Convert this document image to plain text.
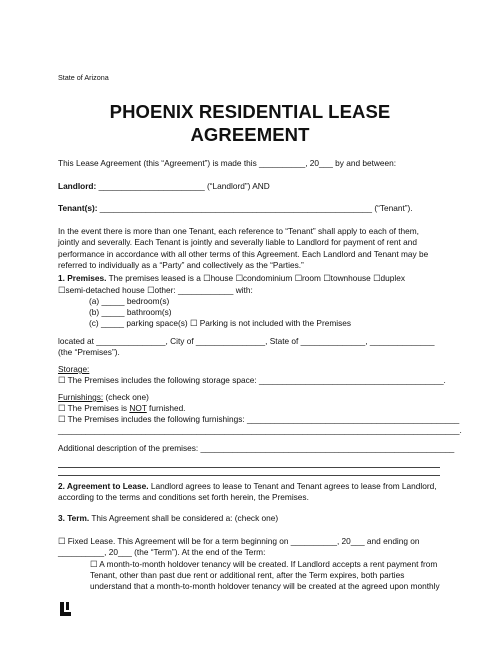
State of Arizona
PHOENIX RESIDENTIAL LEASE
AGREEMENT
This Lease Agreement (this “Agreement”) is made this __________, 20___ by and between:
Landlord: _______________________ (“Landlord”) AND
Tenant(s): ___________________________________________________________ (“Tenant”).
In the event there is more than one Tenant, each reference to “Tenant” shall apply to each of them, jointly and severally. Each Tenant is jointly and severally liable to Landlord for payment of rent and performance in accordance with all other terms of this Agreement. Each Landlord and Tenant may be referred to individually as a “Party” and collectively as the “Parties.”
1. Premises. The premises leased is a ☐house ☐condominium ☐room ☐townhouse ☐duplex
☐semi-detached house ☐other: ____________ with:
(a) _____ bedroom(s)
(b) _____ bathroom(s)
(c) _____ parking space(s) ☐ Parking is not included with the Premises
located at _______________, City of _______________, State of ______________, ______________
(the “Premises”).
Storage:
☐ The Premises includes the following storage space: ________________________________________.
Furnishings: (check one)
☐ The Premises is NOT furnished.
☐ The Premises includes the following furnishings: ______________________________________________
_______________________________________________________________________________________.
Additional description of the premises: _______________________________________________________
2. Agreement to Lease. Landlord agrees to lease to Tenant and Tenant agrees to lease from Landlord,
according to the terms and conditions set forth herein, the Premises.
3. Term. This Agreement shall be considered a: (check one)
☐ Fixed Lease. This Agreement will be for a term beginning on __________, 20___ and ending on
__________, 20___ (the “Term”). At the end of the Term:
☐ A month-to-month holdover tenancy will be created. If Landlord accepts a rent payment from
Tenant, other than past due rent or additional rent, after the Term expires, both parties
understand that a month-to-month holdover tenancy will be created at the agreed upon monthly
